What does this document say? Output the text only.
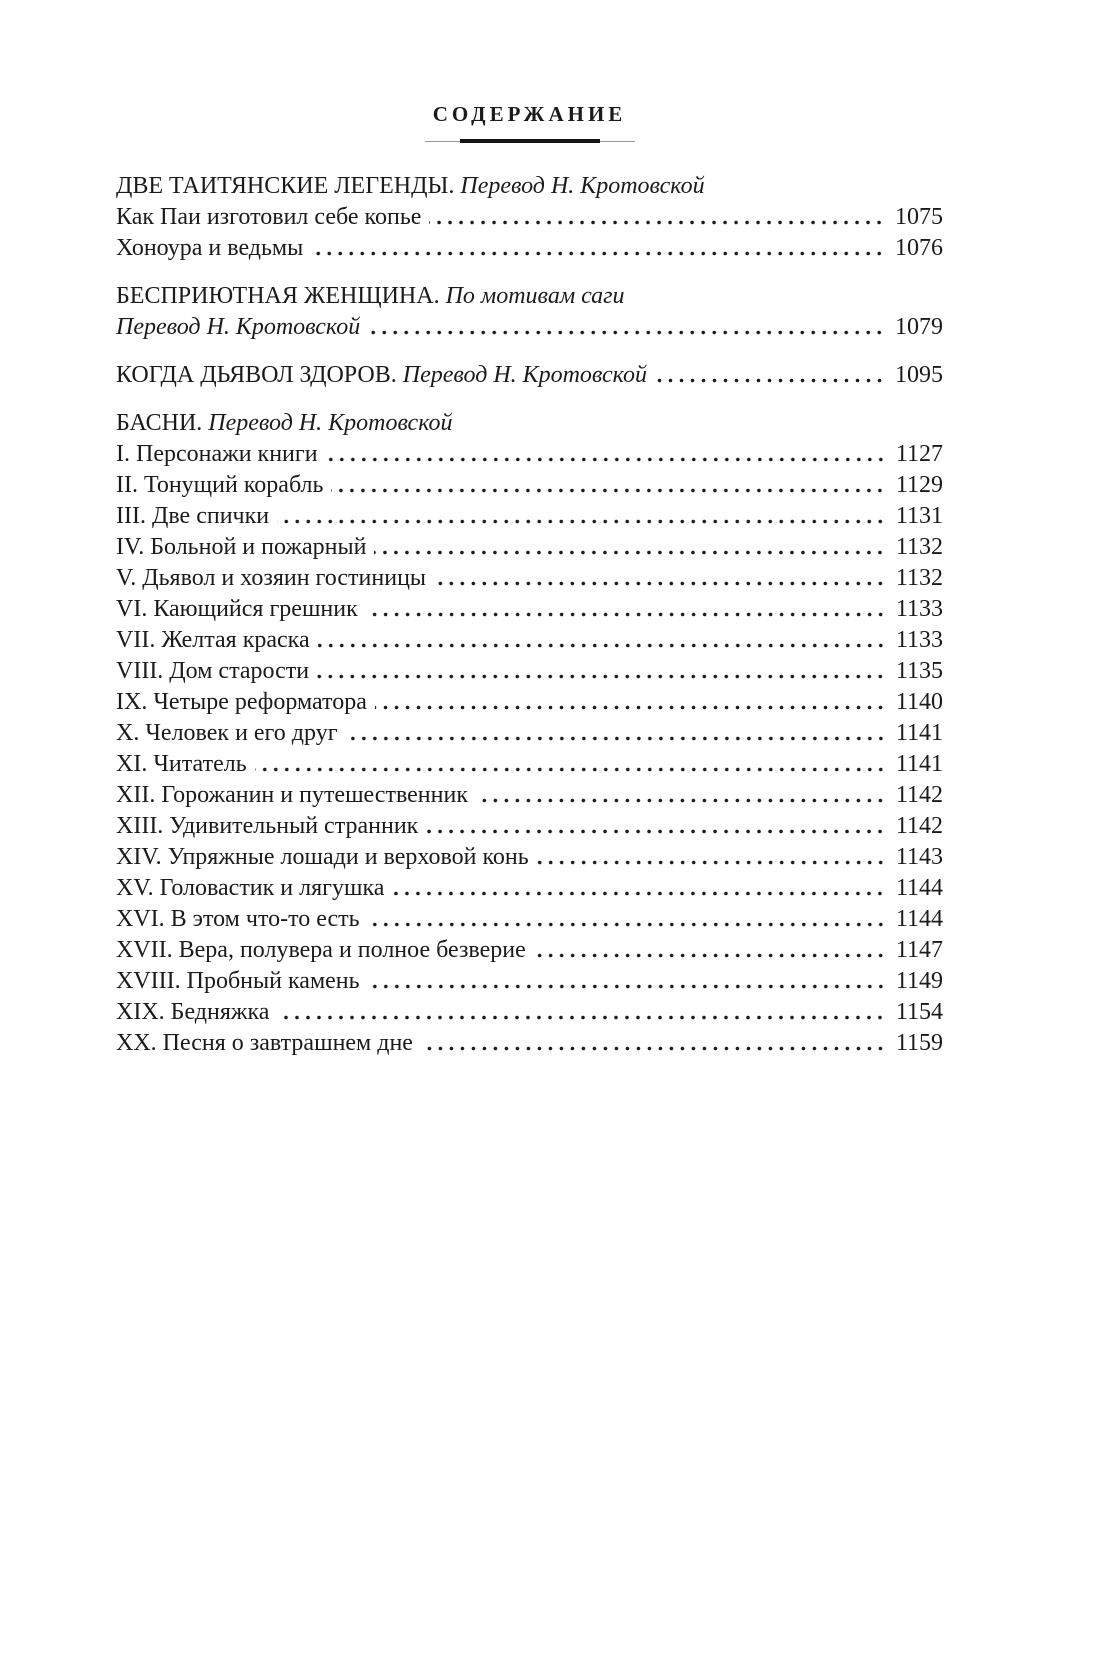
СОДЕРЖАНИЕ
ДВЕ ТАИТЯНСКИЕ ЛЕГЕНДЫ. Перевод Н. Кротовской
Как Паи изготовил себе копье	1075
Хоноура и ведьмы	1076
БЕСПРИЮТНАЯ ЖЕНЩИНА. По мотивам саги
Перевод Н. Кротовской	1079
КОГДА ДЬЯВОЛ ЗДОРОВ. Перевод Н. Кротовской	1095
БАСНИ. Перевод Н. Кротовской
I. Персонажи книги	1127
II. Тонущий корабль	1129
III. Две спички	1131
IV. Больной и пожарный	1132
V. Дьявол и хозяин гостиницы	1132
VI. Кающийся грешник	1133
VII. Желтая краска	1133
VIII. Дом старости	1135
IX. Четыре реформатора	1140
X. Человек и его друг	1141
XI. Читатель	1141
XII. Горожанин и путешественник	1142
XIII. Удивительный странник	1142
XIV. Упряжные лошади и верховой конь	1143
XV. Головастик и лягушка	1144
XVI. В этом что-то есть	1144
XVII. Вера, полувера и полное безверие	1147
XVIII. Пробный камень	1149
XIX. Бедняжка	1154
XX. Песня о завтрашнем дне	1159
